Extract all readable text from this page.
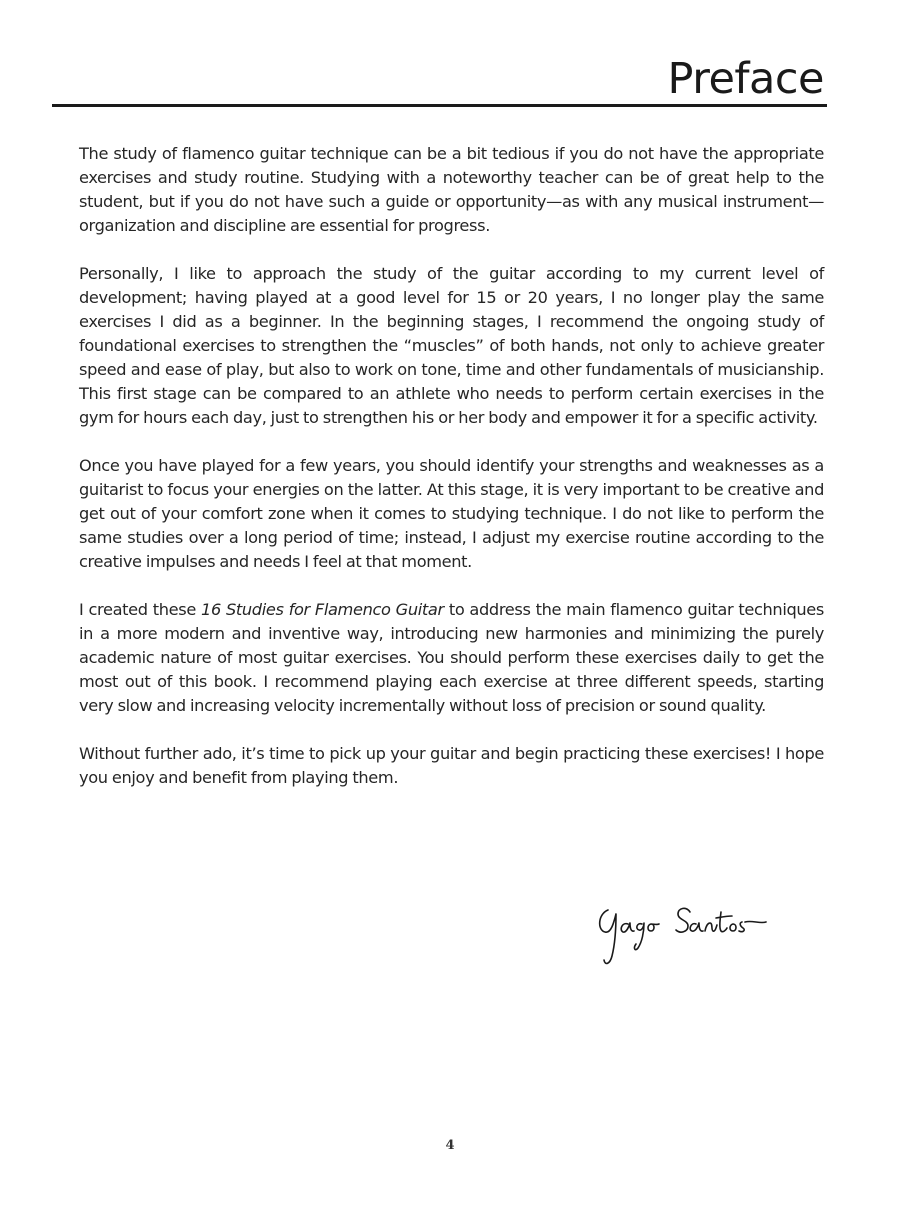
Preface

The study of flamenco guitar technique can be a bit tedious if you do not have the appropriate exercises and study routine. Studying with a noteworthy teacher can be of great help to the student, but if you do not have such a guide or opportunity—as with any musical instrument—organization and discipline are essential for progress.

Personally, I like to approach the study of the guitar according to my current level of development; having played at a good level for 15 or 20 years, I no longer play the same exercises I did as a beginner. In the beginning stages, I recommend the ongoing study of foundational exercises to strengthen the “muscles” of both hands, not only to achieve greater speed and ease of play, but also to work on tone, time and other fundamentals of musicianship. This first stage can be compared to an athlete who needs to perform certain exercises in the gym for hours each day, just to strengthen his or her body and empower it for a specific activity.

Once you have played for a few years, you should identify your strengths and weaknesses as a guitarist to focus your energies on the latter. At this stage, it is very important to be creative and get out of your comfort zone when it comes to studying technique. I do not like to perform the same studies over a long period of time; instead, I adjust my exercise routine according to the creative impulses and needs I feel at that moment.

I created these 16 Studies for Flamenco Guitar to address the main flamenco guitar techniques in a more modern and inventive way, introducing new harmonies and minimizing the purely academic nature of most guitar exercises. You should perform these exercises daily to get the most out of this book. I recommend playing each exercise at three different speeds, starting very slow and increasing velocity incrementally without loss of precision or sound quality.

Without further ado, it’s time to pick up your guitar and begin practicing these exercises! I hope you enjoy and benefit from playing them.

4
